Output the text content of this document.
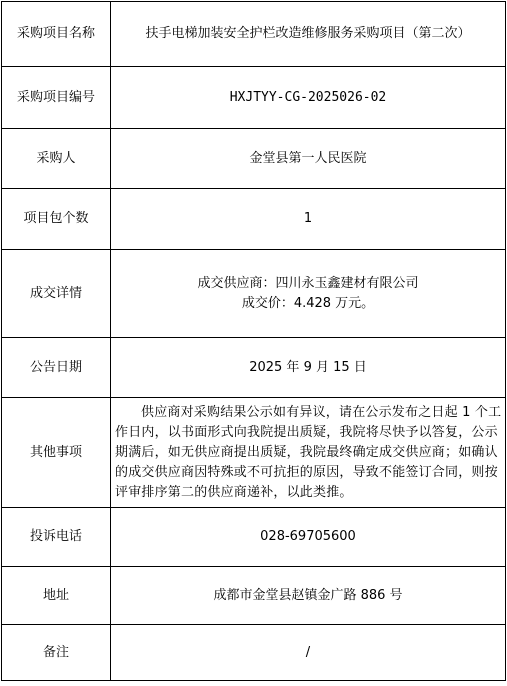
采购项目名称	扶手电梯加装安全护栏改造维修服务采购项目（第二次）
采购项目编号	HXJTYY-CG-2025026-02
采购人	金堂县第一人民医院
项目包个数	1
成交详情	成交供应商：四川永玉鑫建材有限公司
成交价：4.428 万元。

公告日期	2025 年 9 月 15 日
其他事项	供应商对采购结果公示如有异议，请在公示发布之日起 1 个工作日内，以书面形式向我院提出质疑，我院将尽快予以答复，公示期满后，如无供应商提出质疑，我院最终确定成交供应商；如确认的成交供应商因特殊或不可抗拒的原因，导致不能签订合同，则按评审排序第二的供应商递补，以此类推。

投诉电话	028-69705600
地址	成都市金堂县赵镇金广路 886 号
备注	/
